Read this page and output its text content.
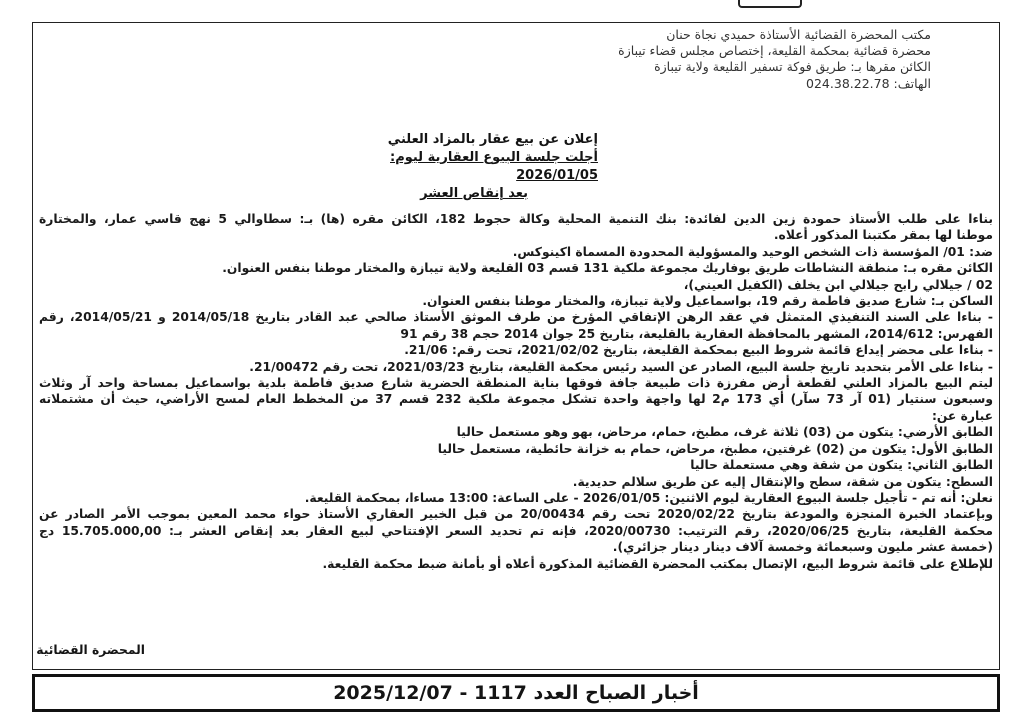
مكتب المحضرة القضائية الأستاذة حميدي نجاة حنان
محضرة قضائية بمحكمة القليعة، إختصاص مجلس قضاء تيبازة
الكائن مقرها بـ: طريق فوكة تسفير القليعة ولاية تيبازة
الهاتف: 024.38.22.78
إعلان عن بيع عقار بالمزاد العلني
أجلت جلسة البيوع العقارية ليوم: 2026/01/05
بعد إنقاص العشر

بناءا على طلب الأستاذ حمودة زين الدين لفائدة: بنك التنمية المحلية وكالة حجوط 182، الكائن مقره (ها) بـ: سطاوالي 5 نهج قاسي عمار، والمختارة

موطنا لها بمقر مكتبنا المذكور أعلاه.

ضد: 01/ المؤسسة ذات الشخص الوحيد والمسؤولية المحدودة المسماة اكينوكس.

الكائن مقره بـ: منطقة النشاطات طريق بوفاريك مجموعة ملكية 131 قسم 03 القليعة ولاية تيبازة والمختار موطنا بنفس العنوان.

02 / جيلالي رابح جيلالي ابن يخلف (الكفيل العيني)،

الساكن بـ: شارع صديق فاطمة رقم 19، بواسماعيل ولاية تيبازة، والمختار موطنا بنفس العنوان.

- بناءا على السند التنفيذي المتمثل في عقد الرهن الإتفاقي المؤرخ من طرف الموثق الأستاذ صالحي عبد القادر بتاريخ 2014/05/18 و 2014/05/21، رقم

الفهرس: 2014/612، المشهر بالمحافظة العقارية بالقليعة، بتاريخ 25 جوان 2014 حجم 38 رقم 91

- بناءا على محضر إيداع قائمة شروط البيع بمحكمة القليعة، بتاريخ 2021/02/02، تحت رقم: 21/06.

- بناءا على الأمر بتحديد تاريخ جلسة البيع، الصادر عن السيد رئيس محكمة القليعة، بتاريخ 2021/03/23، تحت رقم 21/00472.

ليتم البيع بالمزاد العلني لقطعة أرض مفرزة ذات طبيعة جافة فوقها بناية المنطقة الحضرية شارع صديق فاطمة بلدية بواسماعيل بمساحة واحد آر وثلاث

وسبعون سنتيار (01 آر 73 سآر) أي 173 م2 لها واجهة واحدة تشكل مجموعة ملكية 232 قسم 37 من المخطط العام لمسح الأراضي، حيث أن مشتملاته

عبارة عن:

الطابق الأرضي: يتكون من (03) ثلاثة غرف، مطبخ، حمام، مرحاض، بهو وهو مستعمل حاليا

الطابق الأول: يتكون من (02) غرفتين، مطبخ، مرحاض، حمام به خزانة حائطية، مستعمل حاليا

الطابق الثاني: يتكون من شقة وهي مستعملة حاليا

السطح: يتكون من شقة، سطح والإنتقال إليه عن طريق سلالم حديدية.

نعلن: أنه تم - تأجيل جلسة البيوع العقارية ليوم الاثنين: 2026/01/05 - على الساعة: 13:00 مساءا، بمحكمة القليعة.

وبإعتماد الخبرة المنجزة والمودعة بتاريخ 2020/02/22 تحت رقم 20/00434 من قبل الخبير العقاري الأستاذ حواء محمد المعين بموجب الأمر الصادر عن

محكمة القليعة، بتاريخ 2020/06/25، رقم الترتيب: 2020/00730، فإنه تم تحديد السعر الإفتتاحي لبيع العقار بعد إنقاص العشر بـ: 15.705.000,00 دج

(خمسة عشر مليون وسبعمائة وخمسة آلاف دينار دينار جزائري).

للإطلاع على قائمة شروط البيع، الإتصال بمكتب المحضرة القضائية المذكورة أعلاه أو بأمانة ضبط محكمة القليعة.

المحضرة القضائية
أخبار الصباح العدد 1117 - 2025/12/07
